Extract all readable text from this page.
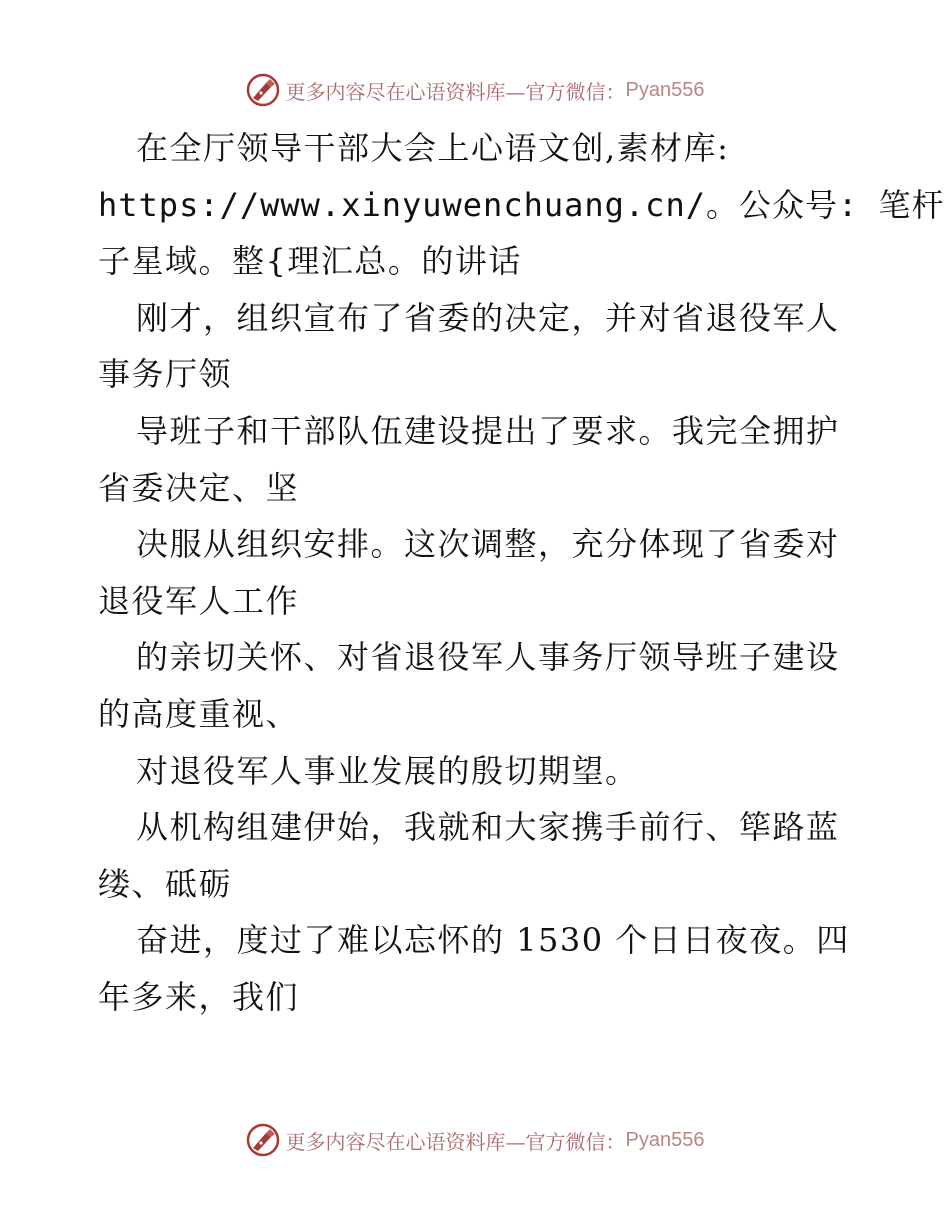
更多内容尽在心语资料库—官方微信： Pyan556
在全厅领导干部大会上心语文创,素材库:
https://www.xinyuwenchuang.cn/。公众号: 笔杆
子星域。整{理汇总。的讲话
刚才，组织宣布了省委的决定，并对省退役军人
事务厅领
导班子和干部队伍建设提出了要求。我完全拥护
省委决定、坚
决服从组织安排。这次调整，充分体现了省委对
退役军人工作
的亲切关怀、对省退役军人事务厅领导班子建设
的高度重视、
对退役军人事业发展的殷切期望。
从机构组建伊始，我就和大家携手前行、筚路蓝
缕、砥砺
奋进，度过了难以忘怀的 1530 个日日夜夜。四
年多来，我们
更多内容尽在心语资料库—官方微信： Pyan556
